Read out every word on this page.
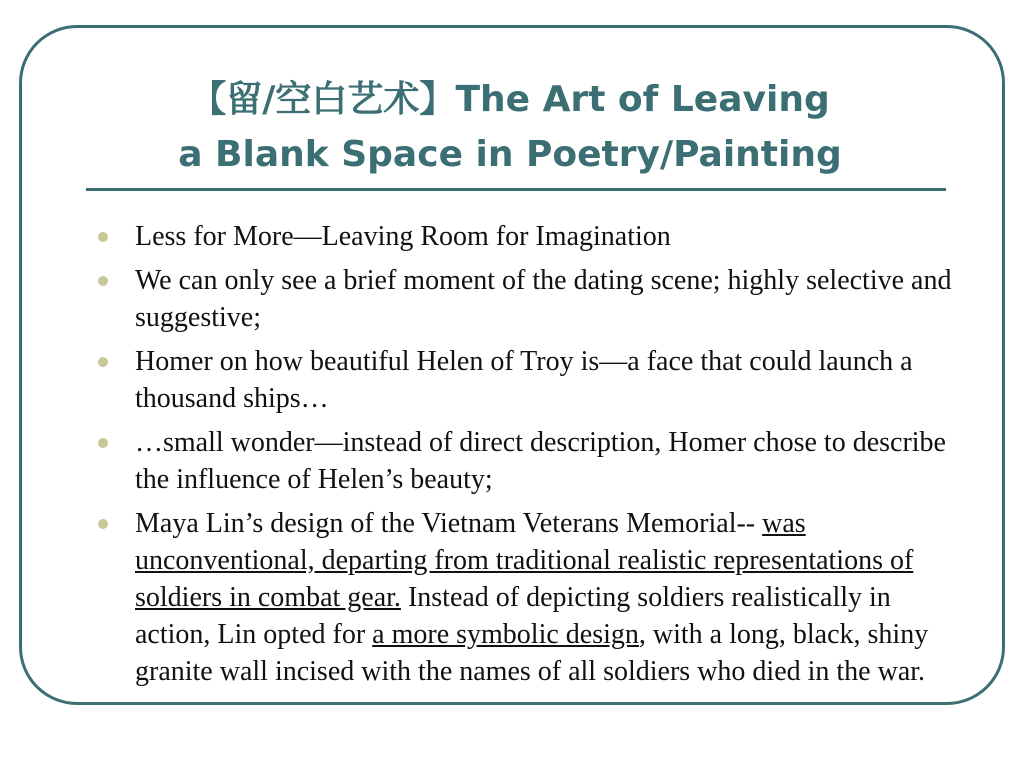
【留/空白艺术】The Art of Leaving
a Blank Space in Poetry/Painting
Less for More—Leaving Room for Imagination
We can only see a brief moment of the dating scene; highly selective and suggestive;
Homer on how beautiful Helen of Troy is—a face that could launch a thousand ships…
…small wonder—instead of direct description, Homer chose to describe the influence of Helen’s beauty;
Maya Lin’s design of the Vietnam Veterans Memorial-- was unconventional, departing from traditional realistic representations of soldiers in combat gear. Instead of depicting soldiers realistically in action, Lin opted for a more symbolic design, with a long, black, shiny granite wall incised with the names of all soldiers who died in the war.
